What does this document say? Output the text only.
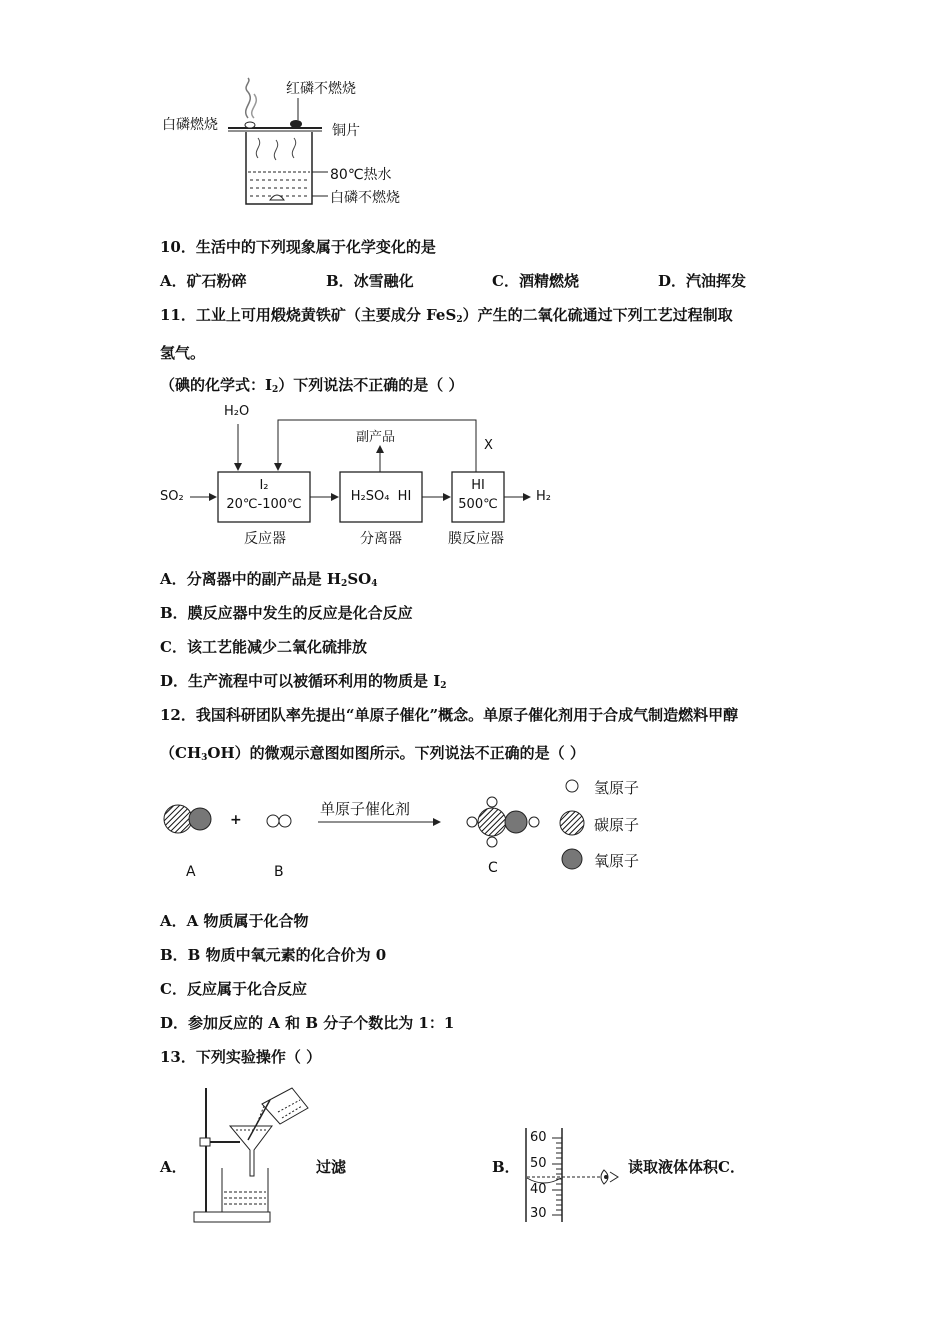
红磷不燃烧
白磷燃烧	铜片
80℃热水
白磷不燃烧
10．生活中的下列现象属于化学变化的是
A．矿石粉碎	B．冰雪融化	C．酒精燃烧	D．汽油挥发
11．工业上可用煅烧黄铁矿（主要成分 FeS$_2$）产生的二氧化硫通过下列工艺过程制取
氢气。
（碘的化学式：$I_2$）下列说法不正确的是（ ）
H₂O
副产品
X
SO₂
I₂
20℃-100℃
H₂SO₄  HI
HI
500℃
H₂
反应器	分离器	膜反应器
A．分离器中的副产品是 $H_2SO_4$
B．膜反应器中发生的反应是化合反应
C．该工艺能减少二氧化硫排放
D．生产流程中可以被循环利用的物质是 $I_2$
12．我国科研团队率先提出“单原子催化”概念。单原子催化剂用于合成气制造燃料甲醇
$(CH_3OH)$的微观示意图如图所示。下列说法不正确的是（ ）
+
单原子催化剂
A	B	C
氢原子
碳原子
氧原子
A．A 物质属于化合物
B．B 物质中氧元素的化合价为 0
C．反应属于化合反应
D．参加反应的 A 和 B 分子个数比为 1：1
13．下列实验操作（ ）
A．	过滤	B．
60
50
40
30
读取液体体积C．
